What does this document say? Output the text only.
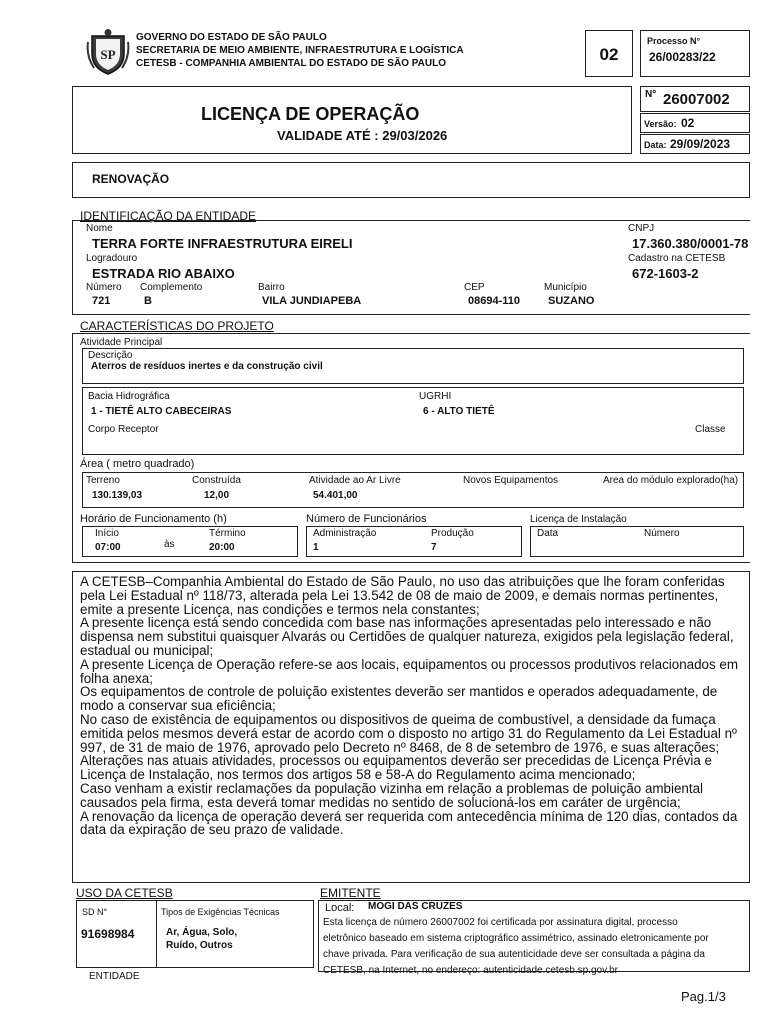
SP
GOVERNO DO ESTADO DE SÃO PAULO
SECRETARIA DE MEIO AMBIENTE, INFRAESTRUTURA E LOGÍSTICA
CETESB - COMPANHIA AMBIENTAL DO ESTADO DE SÃO PAULO	02
Processo N°
26/00283/22
LICENÇA DE OPERAÇÃO
VALIDADE ATÉ : 29/03/2026
N° 26007002
Versão: 02
Data: 29/09/2023
RENOVAÇÃO
IDENTIFICAÇÃO DA ENTIDADE
Nome
TERRA FORTE INFRAESTRUTURA EIRELI
CNPJ
17.360.380/0001-78
Logradouro
ESTRADA RIO ABAIXO
Cadastro na CETESB
672-1603-2
Número
721
Complemento
B
Bairro
VILA JUNDIAPEBA
CEP
08694-110
Município
SUZANO
CARACTERÍSTICAS DO PROJETO
Atividade Principal
Descrição
Aterros de resíduos inertes e da construção civil
Bacia Hidrográfica
1 - TIETÊ ALTO CABECEIRAS
UGRHI
6 - ALTO TIETÊ
Corpo Receptor	Classe
Área ( metro quadrado)
Terreno
130.139,03
Construída
12,00
Atividade ao Ar Livre
54.401,00
Novos Equipamentos	Area do módulo explorado(ha)
Horário de Funcionamento (h)
Início
07:00	às
Término
20:00
Número de Funcionários
Administração
1
Produção
7
Licença de Instalação
Data	Número

A CETESB–Companhia Ambiental do Estado de São Paulo, no uso das atribuições que lhe foram conferidas pela Lei Estadual nº 118/73, alterada pela Lei 13.542 de 08 de maio de 2009, e demais normas pertinentes, emite a presente Licença, nas condições e termos nela constantes;

A presente licença está sendo concedida com base nas informações apresentadas pelo interessado e não dispensa nem substitui quaisquer Alvarás ou Certidões de qualquer natureza, exigidos pela legislação federal, estadual ou municipal;

A presente Licença de Operação refere-se aos locais, equipamentos ou processos produtivos relacionados em folha anexa;

Os equipamentos de controle de poluição existentes deverão ser mantidos e operados adequadamente, de modo a conservar sua eficiência;

No caso de existência de equipamentos ou dispositivos de queima de combustível, a densidade da fumaça emitida pelos mesmos deverá estar de acordo com o disposto no artigo 31 do Regulamento da Lei Estadual nº 997, de 31 de maio de 1976, aprovado pelo Decreto nº 8468, de 8 de setembro de 1976, e suas alterações;

Alterações nas atuais atividades, processos ou equipamentos deverão ser precedidas de Licença Prévia e Licença de Instalação, nos termos dos artigos 58 e 58-A do Regulamento acima mencionado;

Caso venham a existir reclamações da população vizinha em relação a problemas de poluição ambiental causados pela firma, esta deverá tomar medidas no sentido de solucioná-los em caráter de urgência;

A renovação da licença de operação deverá ser requerida com antecedência mínima de 120 dias, contados da data da expiração de seu prazo de validade.

USO DA CETESB
SD N°
91698984
Tipos de Exigências Técnicas
Ar, Água, Solo,
Ruído, Outros
ENTIDADE
EMITENTE
Local: MOGI DAS CRUZES
Esta licença de número 26007002 foi certificada por assinatura digital, processo
eletrônico baseado em sistema criptográfico assimétrico, assinado eletronicamente por
chave privada. Para verificação de sua autenticidade deve ser consultada a página da
CETESB, na Internet, no endereço: autenticidade.cetesb.sp.gov.br
Pag.1/3
